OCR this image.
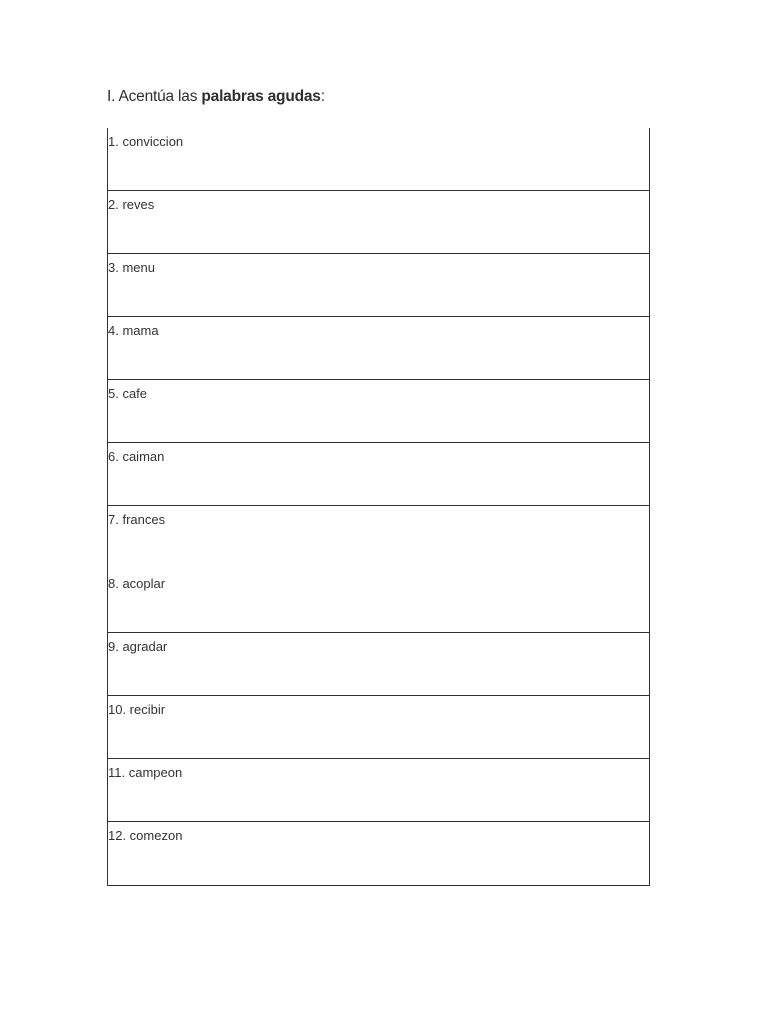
I. Acentúa las palabras agudas:
1. conviccion
2. reves
3. menu
4. mama
5. cafe
6. caiman
7. frances
8. acoplar
9. agradar
10. recibir
11. campeon
12. comezon
